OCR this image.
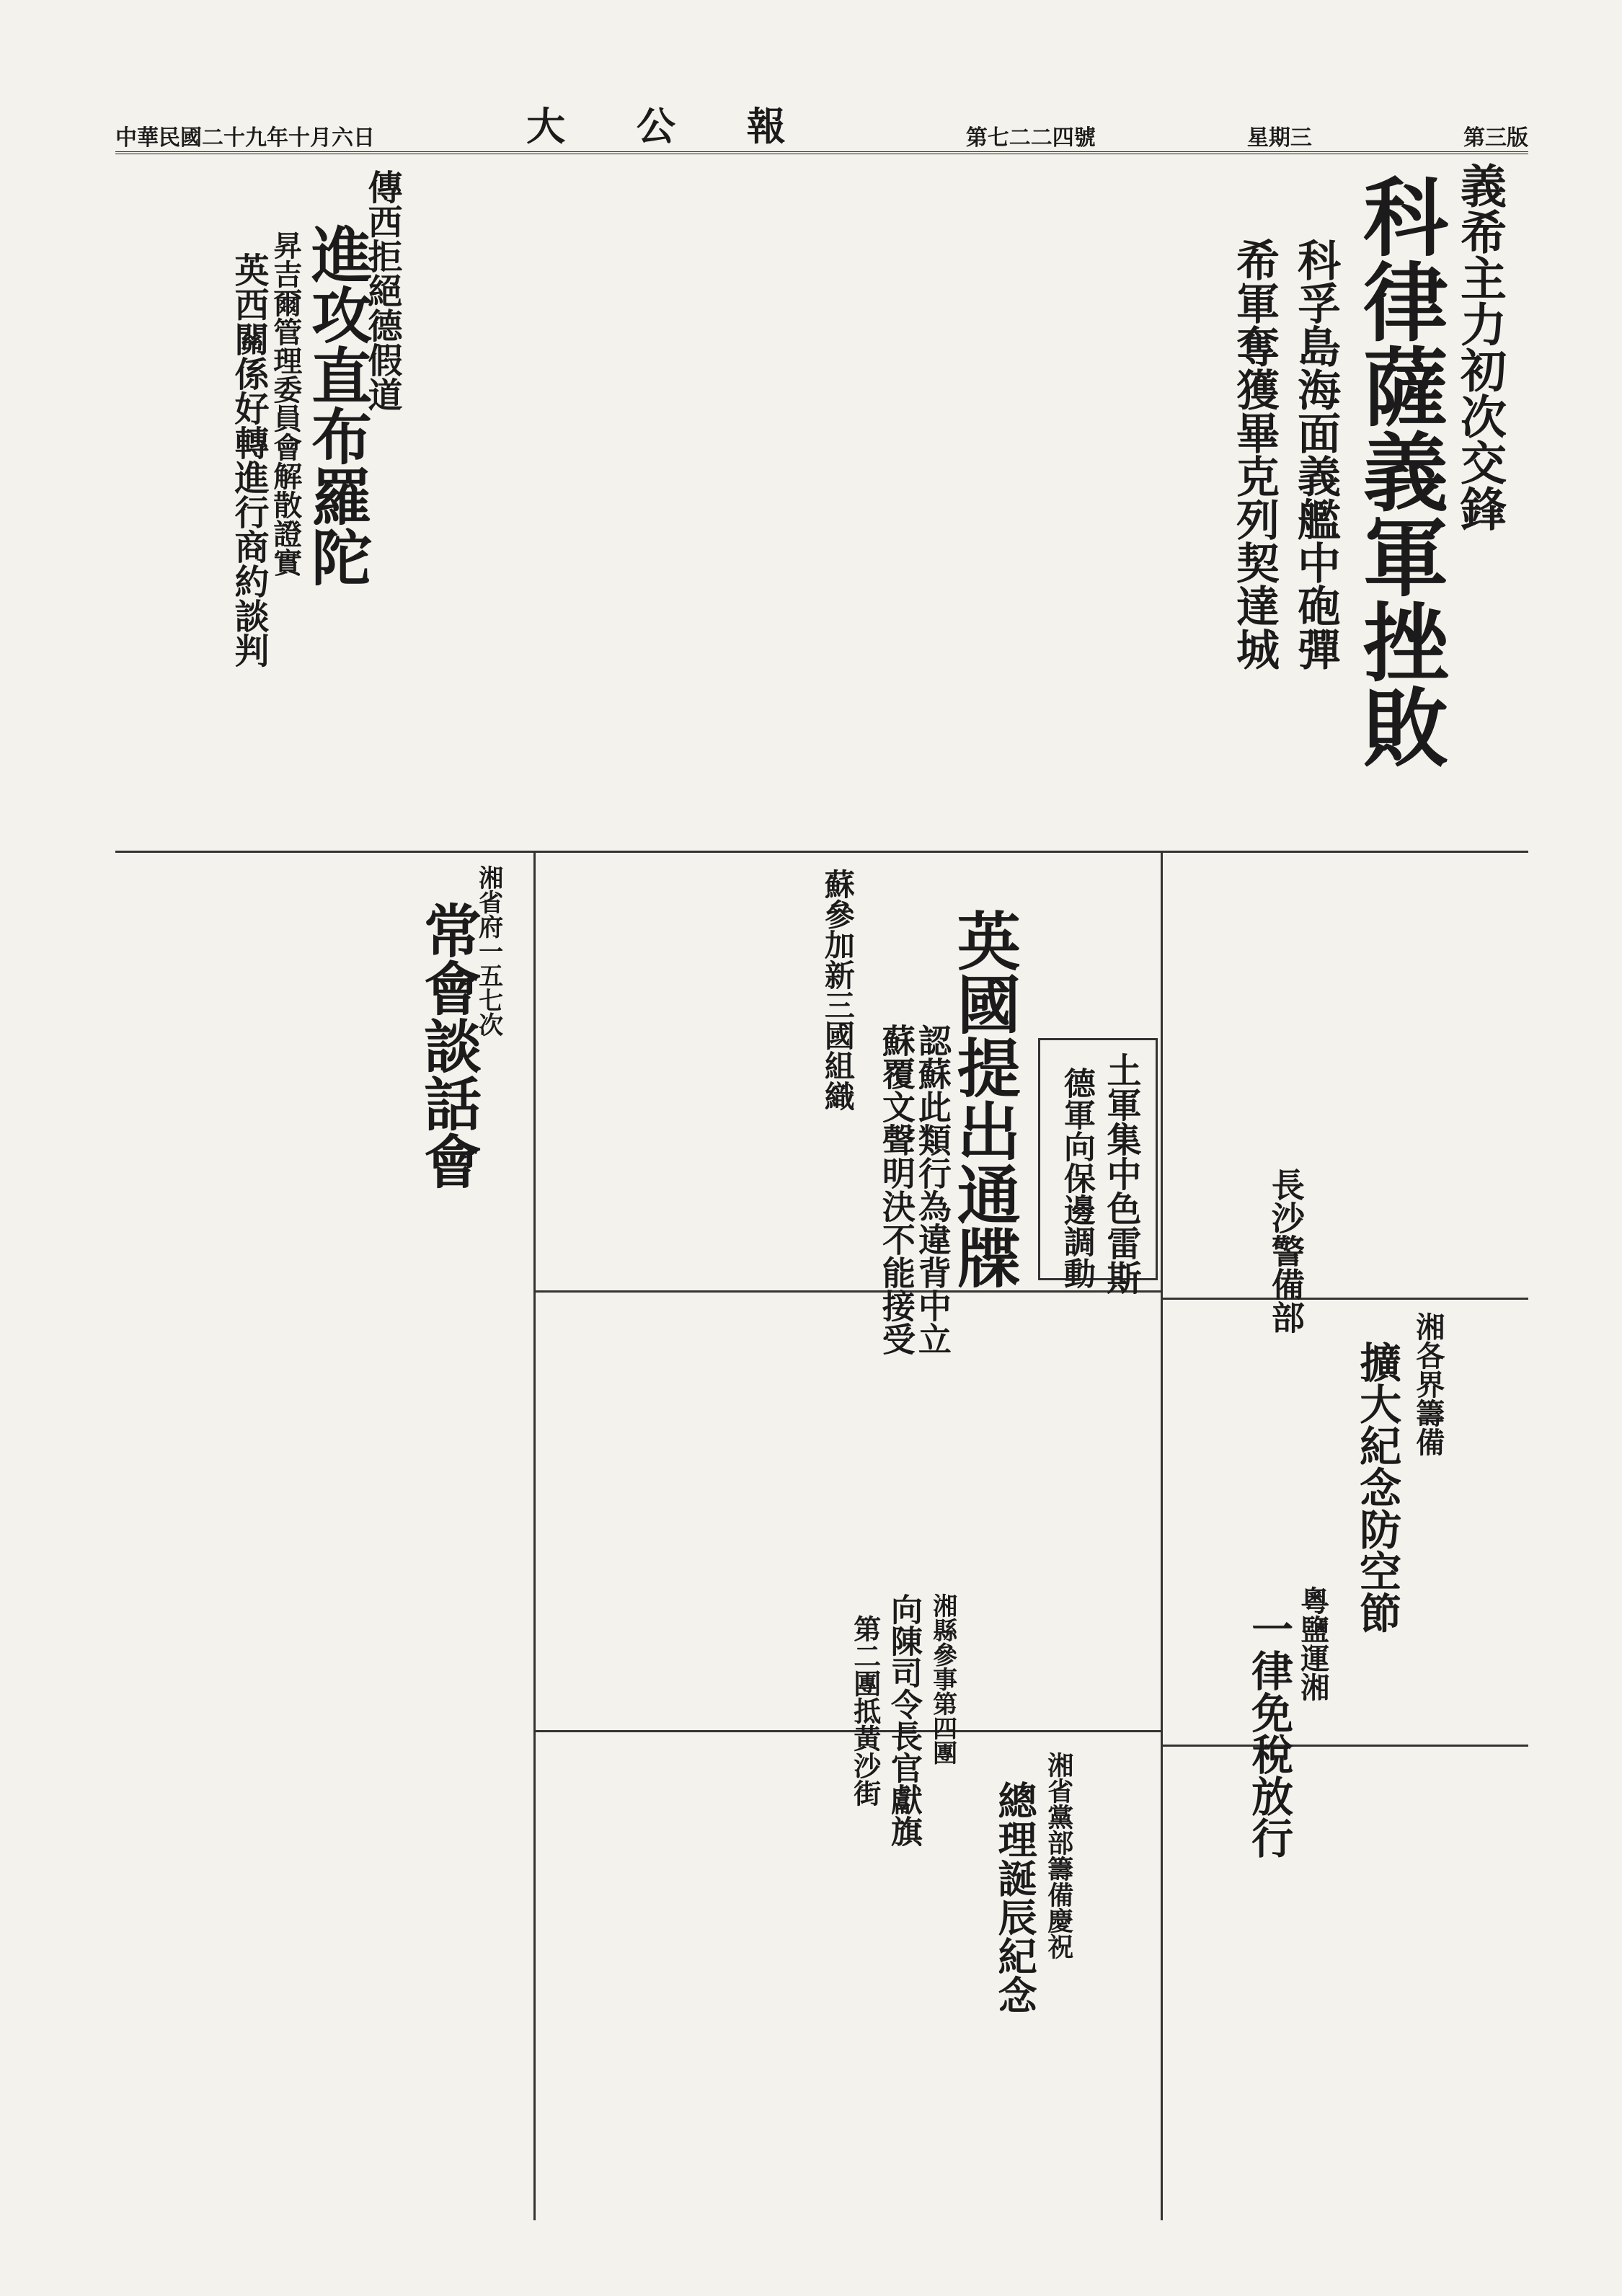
中華民國二十九年十月六日	大 公 報	第七二二四號	星期三	第三版
義希主力初次交鋒
科律薩義軍挫敗
科孚島海面義艦中砲彈
希軍奪獲畢克列契達城
傳西拒絕德假道
進攻直布羅陀
昇吉爾管理委員會解散證實
英西關係好轉進行商約談判
蘇參加新三國組織 英國提出通牒
認蘇此類行為違背中立
蘇覆文聲明決不能接受
湘省府一五七次
常會談話會	土軍集中色雷斯
德軍向保邊調動	長沙警備部
湘各界籌備
擴大紀念防空節
粵鹽運湘
一律免稅放行
湘省黨部籌備慶祝
總理誕辰紀念
湘縣參事第四團
向陳司令長官獻旗
第二團抵黃沙街
